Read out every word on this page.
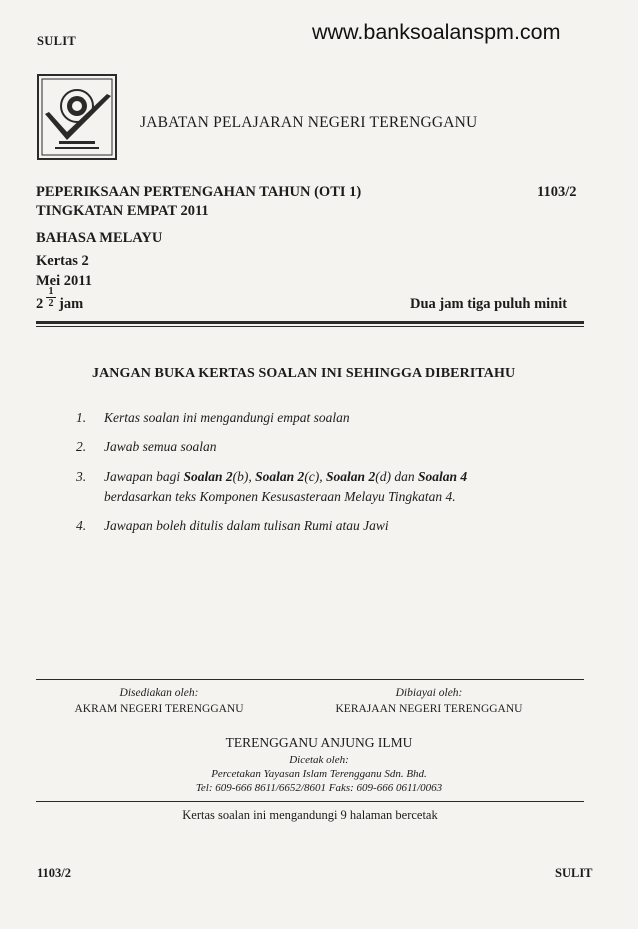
SULIT	www.banksoalanspm.com
JABATAN PELAJARAN NEGERI TERENGGANU
PEPERIKSAAN PERTENGAHAN TAHUN (OTI 1)
TINGKATAN EMPAT 2011
1103/2
BAHASA MELAYU
Kertas 2
Mei 2011
$2 \frac{1}{2}$ jam	Dua jam tiga puluh minit
JANGAN BUKA KERTAS SOALAN INI SEHINGGA DIBERITAHU
1. Kertas soalan ini mengandungi empat soalan
2. Jawab semua soalan
3. Jawapan bagi Soalan 2(b), Soalan 2(c), Soalan 2(d) dan Soalan 4
berdasarkan teks Komponen Kesusasteraan Melayu Tingkatan 4.
4. Jawapan boleh ditulis dalam tulisan Rumi atau Jawi
Disediakan oleh:
AKRAM NEGERI TERENGGANU
Dibiayai oleh:
KERAJAAN NEGERI TERENGGANU
TERENGGANU ANJUNG ILMU
Dicetak oleh:
Percetakan Yayasan Islam Terengganu Sdn. Bhd.
Tel: 609-666 8611/6652/8601 Faks: 609-666 0611/0063
Kertas soalan ini mengandungi 9 halaman bercetak
1103/2	SULIT
